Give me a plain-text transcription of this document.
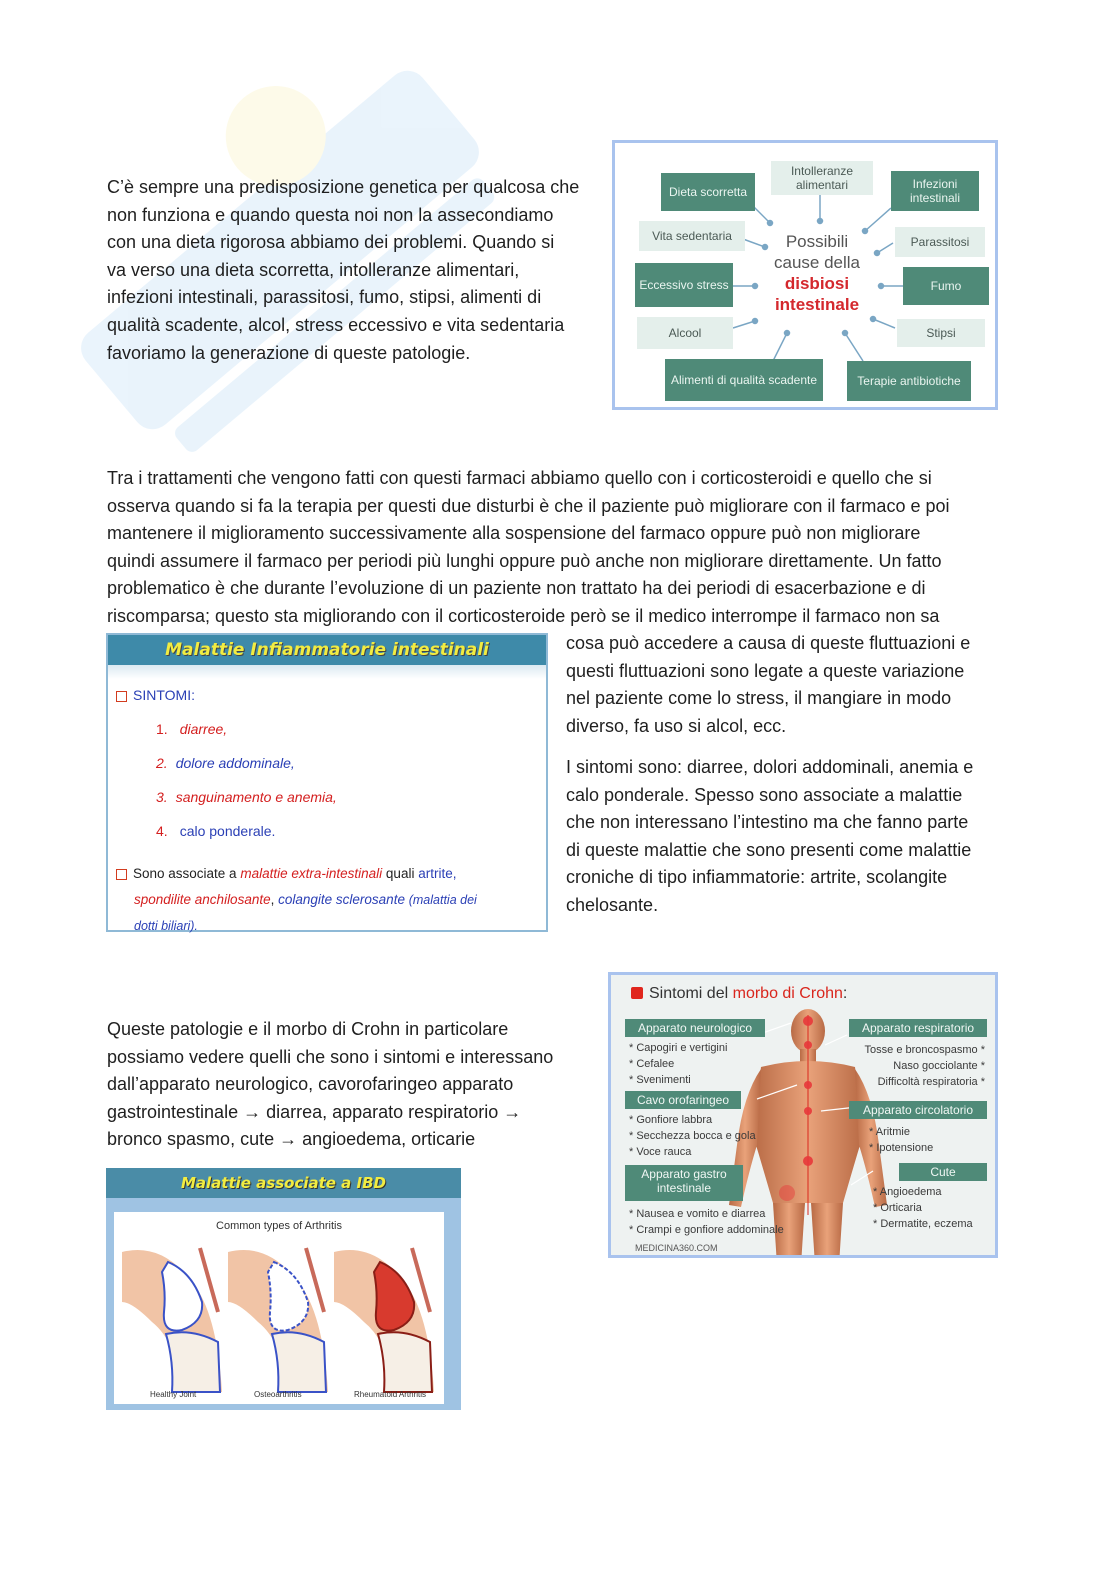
C’è sempre una predisposizione genetica per qualcosa che
non funziona e quando questa noi non la assecondiamo
con una dieta rigorosa abbiamo dei problemi. Quando si
va verso una dieta scorretta, intolleranze alimentari,
infezioni intestinali, parassitosi, fumo, stipsi, alimenti di
qualità scadente, alcol, stress eccessivo e vita sedentaria
favoriamo la generazione di queste patologie.
Dieta scorretta
Intolleranze alimentari	Infezioni intestinali
Vita sedentaria	Parassitosi
Eccessivo stress	Fumo
Alcool	Stipsi
Alimenti di qualità scadente	Terapie antibiotiche
Possibili
cause della
disbiosi
intestinale
Tra i trattamenti che vengono fatti con questi farmaci abbiamo quello con i corticosteroidi e quello che si
osserva quando si fa la terapia per questi due disturbi è che il paziente può migliorare con il farmaco e poi
mantenere il miglioramento successivamente alla sospensione del farmaco oppure può non migliorare
quindi assumere il farmaco per periodi più lunghi oppure può anche non migliorare direttamente. Un fatto
problematico è che durante l’evoluzione di un paziente non trattato ha dei periodi di esacerbazione e di
riscomparsa; questo sta migliorando con il corticosteroide però se il medico interrompe il farmaco non sa
cosa può accedere a causa di queste fluttuazioni e
questi fluttuazioni sono legate a queste variazione
nel paziente come lo stress, il mangiare in modo
diverso, fa uso si alcol, ecc.
I sintomi sono: diarree, dolori addominali, anemia e
calo ponderale. Spesso sono associate a malattie
che non interessano l’intestino ma che fanno parte
di queste malattie che sono presenti come malattie
croniche di tipo infiammatorie: artrite, scolangite
chelosante.
Malattie Infiammatorie intestinali
SINTOMI:
1. diarree,
2. dolore addominale,
3. sanguinamento e anemia,
4. calo ponderale.
Sono associate a malattie extra-intestinali quali artrite,
spondilite anchilosante, colangite sclerosante (malattia dei
dotti biliari).
Queste patologie e il morbo di Crohn in particolare
possiamo vedere quelli che sono i sintomi e interessano
dall’apparato neurologico, cavorofaringeo apparato
gastrointestinale → diarrea, apparato respiratorio →
bronco spasmo, cute → angioedema, orticarie
Sintomi del morbo di Crohn:
Apparato neurologico
* Capogiri e vertigini
* Cefalee
* Svenimenti
Cavo orofaringeo
* Gonfiore labbra
* Secchezza bocca e gola
* Voce rauca
Apparato gastro intestinale
* Nausea e vomito e diarrea
* Crampi e gonfiore addominale
Apparato respiratorio
Tosse e broncospasmo *
Naso gocciolante *
Difficoltà respiratoria *
Apparato circolatorio
* Aritmie
* Ipotensione
Cute
* Angioedema
* Orticaria
* Dermatite, eczema
MEDICINA360.COM
Malattie associate a IBD
Common types of Arthritis
Healthy Joint	Osteoarthritis	Rheumatoid Arthritis
